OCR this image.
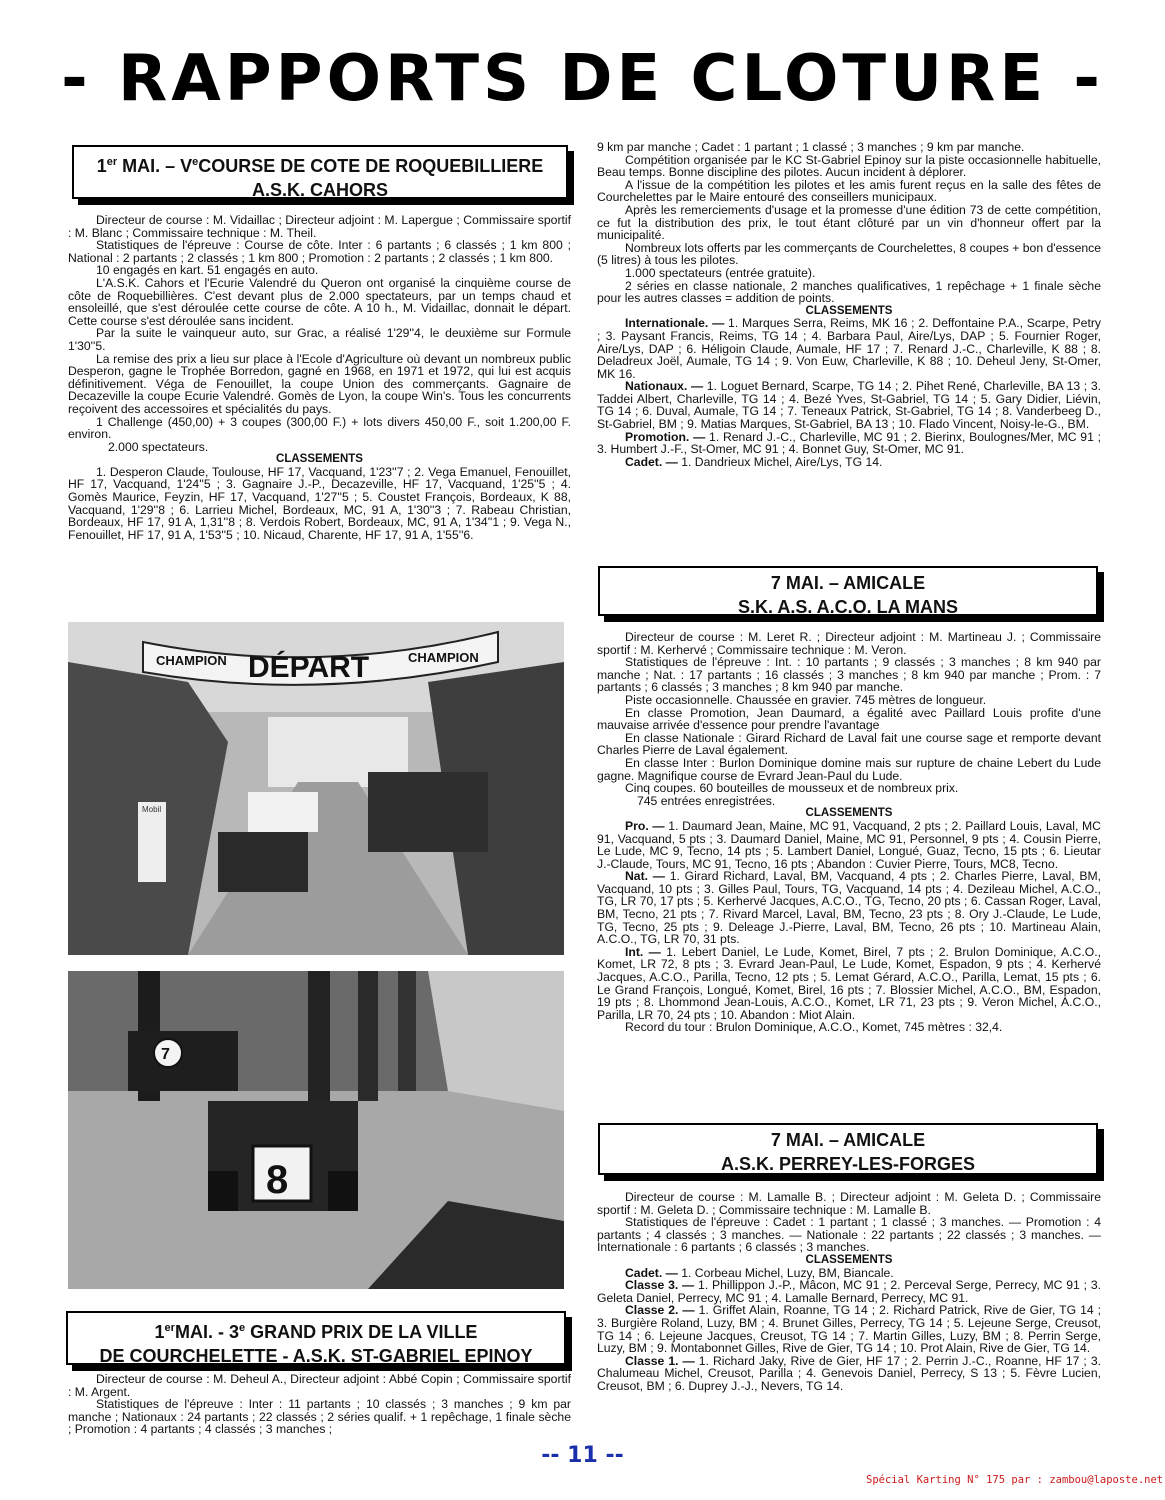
- RAPPORTS DE CLOTURE -
1er MAI. – VeCOURSE DE COTE DE ROQUEBILLIERE
A.S.K. CAHORS

Directeur de course : M. Vidaillac ; Directeur adjoint : M. Lapergue ; Commissaire sportif : M. Blanc ; Commissaire technique : M. Theil.

Statistiques de l'épreuve : Course de côte. Inter : 6 partants ; 6 classés ; 1 km 800 ; National : 2 partants ; 2 classés ; 1 km 800 ; Promotion : 2 partants ; 2 classés ; 1 km 800.

10 engagés en kart. 51 engagés en auto.

L'A.S.K. Cahors et l'Ecurie Valendré du Queron ont organisé la cinquième course de côte de Roquebillières. C'est devant plus de 2.000 spectateurs, par un temps chaud et ensoleillé, que s'est déroulée cette course de côte. A 10 h., M. Vidaillac, donnait le départ. Cette course s'est déroulée sans incident.

Par la suite le vainqueur auto, sur Grac, a réalisé 1'29''4, le deuxième sur Formule 1'30''5.

La remise des prix a lieu sur place à l'Ecole d'Agriculture où devant un nombreux public Desperon, gagne le Trophée Borredon, gagné en 1968, en 1971 et 1972, qui lui est acquis définitivement. Véga de Fenouillet, la coupe Union des commerçants. Gagnaire de Decazeville la coupe Ecurie Valendré. Gomès de Lyon, la coupe Win's. Tous les concurrents reçoivent des accessoires et spécialités du pays.

1 Challenge (450,00) + 3 coupes (300,00 F.) + lots divers 450,00 F., soit 1.200,00 F. environ.

2.000 spectateurs.

CLASSEMENTS

1. Desperon Claude, Toulouse, HF 17, Vacquand, 1'23''7 ; 2. Vega Emanuel, Fenouillet, HF 17, Vacquand, 1'24''5 ; 3. Gagnaire J.-P., Decazeville, HF 17, Vacquand, 1'25''5 ; 4. Gomès Maurice, Feyzin, HF 17, Vacquand, 1'27''5 ; 5. Coustet François, Bordeaux, K 88, Vacquand, 1'29''8 ; 6. Larrieu Michel, Bordeaux, MC, 91 A, 1'30''3 ; 7. Rabeau Christian, Bordeaux, HF 17, 91 A, 1,31''8 ; 8. Verdois Robert, Bordeaux, MC, 91 A, 1'34''1 ; 9. Vega N., Fenouillet, HF 17, 91 A, 1'53''5 ; 10. Nicaud, Charente, HF 17, 91 A, 1'55''6.

CHAMPION DÉPART	CHAMPION
Mobil
7
8
1erMAI. - 3e GRAND PRIX DE LA VILLE
DE COURCHELETTE - A.S.K. ST-GABRIEL EPINOY

Directeur de course : M. Deheul A., Directeur adjoint : Abbé Copin ; Commissaire sportif : M. Argent.

Statistiques de l'épreuve : Inter : 11 partants ; 10 classés ; 3 manches ; 9 km par manche ; Nationaux : 24 partants ; 22 classés ; 2 séries qualif. + 1 repêchage, 1 finale sèche ; Promotion : 4 partants ; 4 classés ; 3 manches ;

9 km par manche ; Cadet : 1 partant ; 1 classé ; 3 manches ; 9 km par manche.

Compétition organisée par le KC St-Gabriel Epinoy sur la piste occasionnelle habituelle, Beau temps. Bonne discipline des pilotes. Aucun incident à déplorer.

A l'issue de la compétition les pilotes et les amis furent reçus en la salle des fêtes de Courchelettes par le Maire entouré des conseillers municipaux.

Après les remerciements d'usage et la promesse d'une édition 73 de cette compétition, ce fut la distribution des prix, le tout étant clôturé par un vin d'honneur offert par la municipalité.

Nombreux lots offerts par les commerçants de Courchelettes, 8 coupes + bon d'essence (5 litres) à tous les pilotes.

1.000 spectateurs (entrée gratuite).

2 séries en classe nationale, 2 manches qualificatives, 1 repêchage + 1 finale sèche pour les autres classes = addition de points.

CLASSEMENTS

Internationale. — 1. Marques Serra, Reims, MK 16 ; 2. Deffontaine P.A., Scarpe, Petry ; 3. Paysant Francis, Reims, TG 14 ; 4. Barbara Paul, Aire/Lys, DAP ; 5. Fournier Roger, Aire/Lys, DAP ; 6. Héligoin Claude, Aumale, HF 17 ; 7. Renard J.-C., Charleville, K 88 ; 8. Deladreux Joël, Aumale, TG 14 ; 9. Von Euw, Charleville, K 88 ; 10. Deheul Jeny, St-Omer, MK 16.

Nationaux. — 1. Loguet Bernard, Scarpe, TG 14 ; 2. Pihet René, Charleville, BA 13 ; 3. Taddei Albert, Charleville, TG 14 ; 4. Bezé Yves, St-Gabriel, TG 14 ; 5. Gary Didier, Liévin, TG 14 ; 6. Duval, Aumale, TG 14 ; 7. Teneaux Patrick, St-Gabriel, TG 14 ; 8. Vanderbeeg D., St-Gabriel, BM ; 9. Matias Marques, St-Gabriel, BA 13 ; 10. Flado Vincent, Noisy-le-G., BM.

Promotion. — 1. Renard J.-C., Charleville, MC 91 ; 2. Bierinx, Boulognes/Mer, MC 91 ; 3. Humbert J.-F., St-Omer, MC 91 ; 4. Bonnet Guy, St-Omer, MC 91.

Cadet. — 1. Dandrieux Michel, Aire/Lys, TG 14.

7 MAI. – AMICALE
S.K. A.S. A.C.O. LA MANS

Directeur de course : M. Leret R. ; Directeur adjoint : M. Martineau J. ; Commissaire sportif : M. Kerhervé ; Commissaire technique : M. Veron.

Statistiques de l'épreuve : Int. : 10 partants ; 9 classés ; 3 manches ; 8 km 940 par manche ; Nat. : 17 partants ; 16 classés ; 3 manches ; 8 km 940 par manche ; Prom. : 7 partants ; 6 classés ; 3 manches ; 8 km 940 par manche.

Piste occasionnelle. Chaussée en gravier. 745 mètres de longueur.

En classe Promotion, Jean Daumard, a égalité avec Paillard Louis profite d'une mauvaise arrivée d'essence pour prendre l'avantage

En classe Nationale : Girard Richard de Laval fait une course sage et remporte devant Charles Pierre de Laval également.

En classe Inter : Burlon Dominique domine mais sur rupture de chaine Lebert du Lude gagne. Magnifique course de Evrard Jean-Paul du Lude.

Cinq coupes. 60 bouteilles de mousseux et de nombreux prix.

745 entrées enregistrées.

CLASSEMENTS

Pro. — 1. Daumard Jean, Maine, MC 91, Vacquand, 2 pts ; 2. Paillard Louis, Laval, MC 91, Vacquand, 5 pts ; 3. Daumard Daniel, Maine, MC 91, Personnel, 9 pts ; 4. Cousin Pierre, Le Lude, MC 9, Tecno, 14 pts ; 5. Lambert Daniel, Longué, Guaz, Tecno, 15 pts ; 6. Lieutar J.-Claude, Tours, MC 91, Tecno, 16 pts ; Abandon : Cuvier Pierre, Tours, MC8, Tecno.

Nat. — 1. Girard Richard, Laval, BM, Vacquand, 4 pts ; 2. Charles Pierre, Laval, BM, Vacquand, 10 pts ; 3. Gilles Paul, Tours, TG, Vacquand, 14 pts ; 4. Dezileau Michel, A.C.O., TG, LR 70, 17 pts ; 5. Kerhervé Jacques, A.C.O., TG, Tecno, 20 pts ; 6. Cassan Roger, Laval, BM, Tecno, 21 pts ; 7. Rivard Marcel, Laval, BM, Tecno, 23 pts ; 8. Ory J.-Claude, Le Lude, TG, Tecno, 25 pts ; 9. Deleage J.-Pierre, Laval, BM, Tecno, 26 pts ; 10. Martineau Alain, A.C.O., TG, LR 70, 31 pts.

Int. — 1. Lebert Daniel, Le Lude, Komet, Birel, 7 pts ; 2. Brulon Dominique, A.C.O., Komet, LR 72, 8 pts ; 3. Evrard Jean-Paul, Le Lude, Komet, Espadon, 9 pts ; 4. Kerhervé Jacques, A.C.O., Parilla, Tecno, 12 pts ; 5. Lemat Gérard, A.C.O., Parilla, Lemat, 15 pts ; 6. Le Grand François, Longué, Komet, Birel, 16 pts ; 7. Blossier Michel, A.C.O., BM, Espadon, 19 pts ; 8. Lhommond Jean-Louis, A.C.O., Komet, LR 71, 23 pts ; 9. Veron Michel, A.C.O., Parilla, LR 70, 24 pts ; 10. Abandon : Miot Alain.

Record du tour : Brulon Dominique, A.C.O., Komet, 745 mètres : 32,4.

7 MAI. – AMICALE
A.S.K. PERREY-LES-FORGES

Directeur de course : M. Lamalle B. ; Directeur adjoint : M. Geleta D. ; Commissaire sportif : M. Geleta D. ; Commissaire technique : M. Lamalle B.

Statistiques de l'épreuve : Cadet : 1 partant ; 1 classé ; 3 manches. — Promotion : 4 partants ; 4 classés ; 3 manches. — Nationale : 22 partants ; 22 classés ; 3 manches. — Internationale : 6 partants ; 6 classés ; 3 manches.

CLASSEMENTS

Cadet. — 1. Corbeau Michel, Luzy, BM, Biancale.

Classe 3. — 1. Phillippon J.-P., Mâcon, MC 91 ; 2. Perceval Serge, Perrecy, MC 91 ; 3. Geleta Daniel, Perrecy, MC 91 ; 4. Lamalle Bernard, Perrecy, MC 91.

Classe 2. — 1. Griffet Alain, Roanne, TG 14 ; 2. Richard Patrick, Rive de Gier, TG 14 ; 3. Burgière Roland, Luzy, BM ; 4. Brunet Gilles, Perrecy, TG 14 ; 5. Lejeune Serge, Creusot, TG 14 ; 6. Lejeune Jacques, Creusot, TG 14 ; 7. Martin Gilles, Luzy, BM ; 8. Perrin Serge, Luzy, BM ; 9. Montabonnet Gilles, Rive de Gier, TG 14 ; 10. Prot Alain, Rive de Gier, TG 14.

Classe 1. — 1. Richard Jaky, Rive de Gier, HF 17 ; 2. Perrin J.-C., Roanne, HF 17 ; 3. Chalumeau Michel, Creusot, Parilla ; 4. Genevois Daniel, Perrecy, S 13 ; 5. Fèvre Lucien, Creusot, BM ; 6. Duprey J.-J., Nevers, TG 14.

-- 11 --
Spécial Karting N° 175 par : zambou@laposte.net
